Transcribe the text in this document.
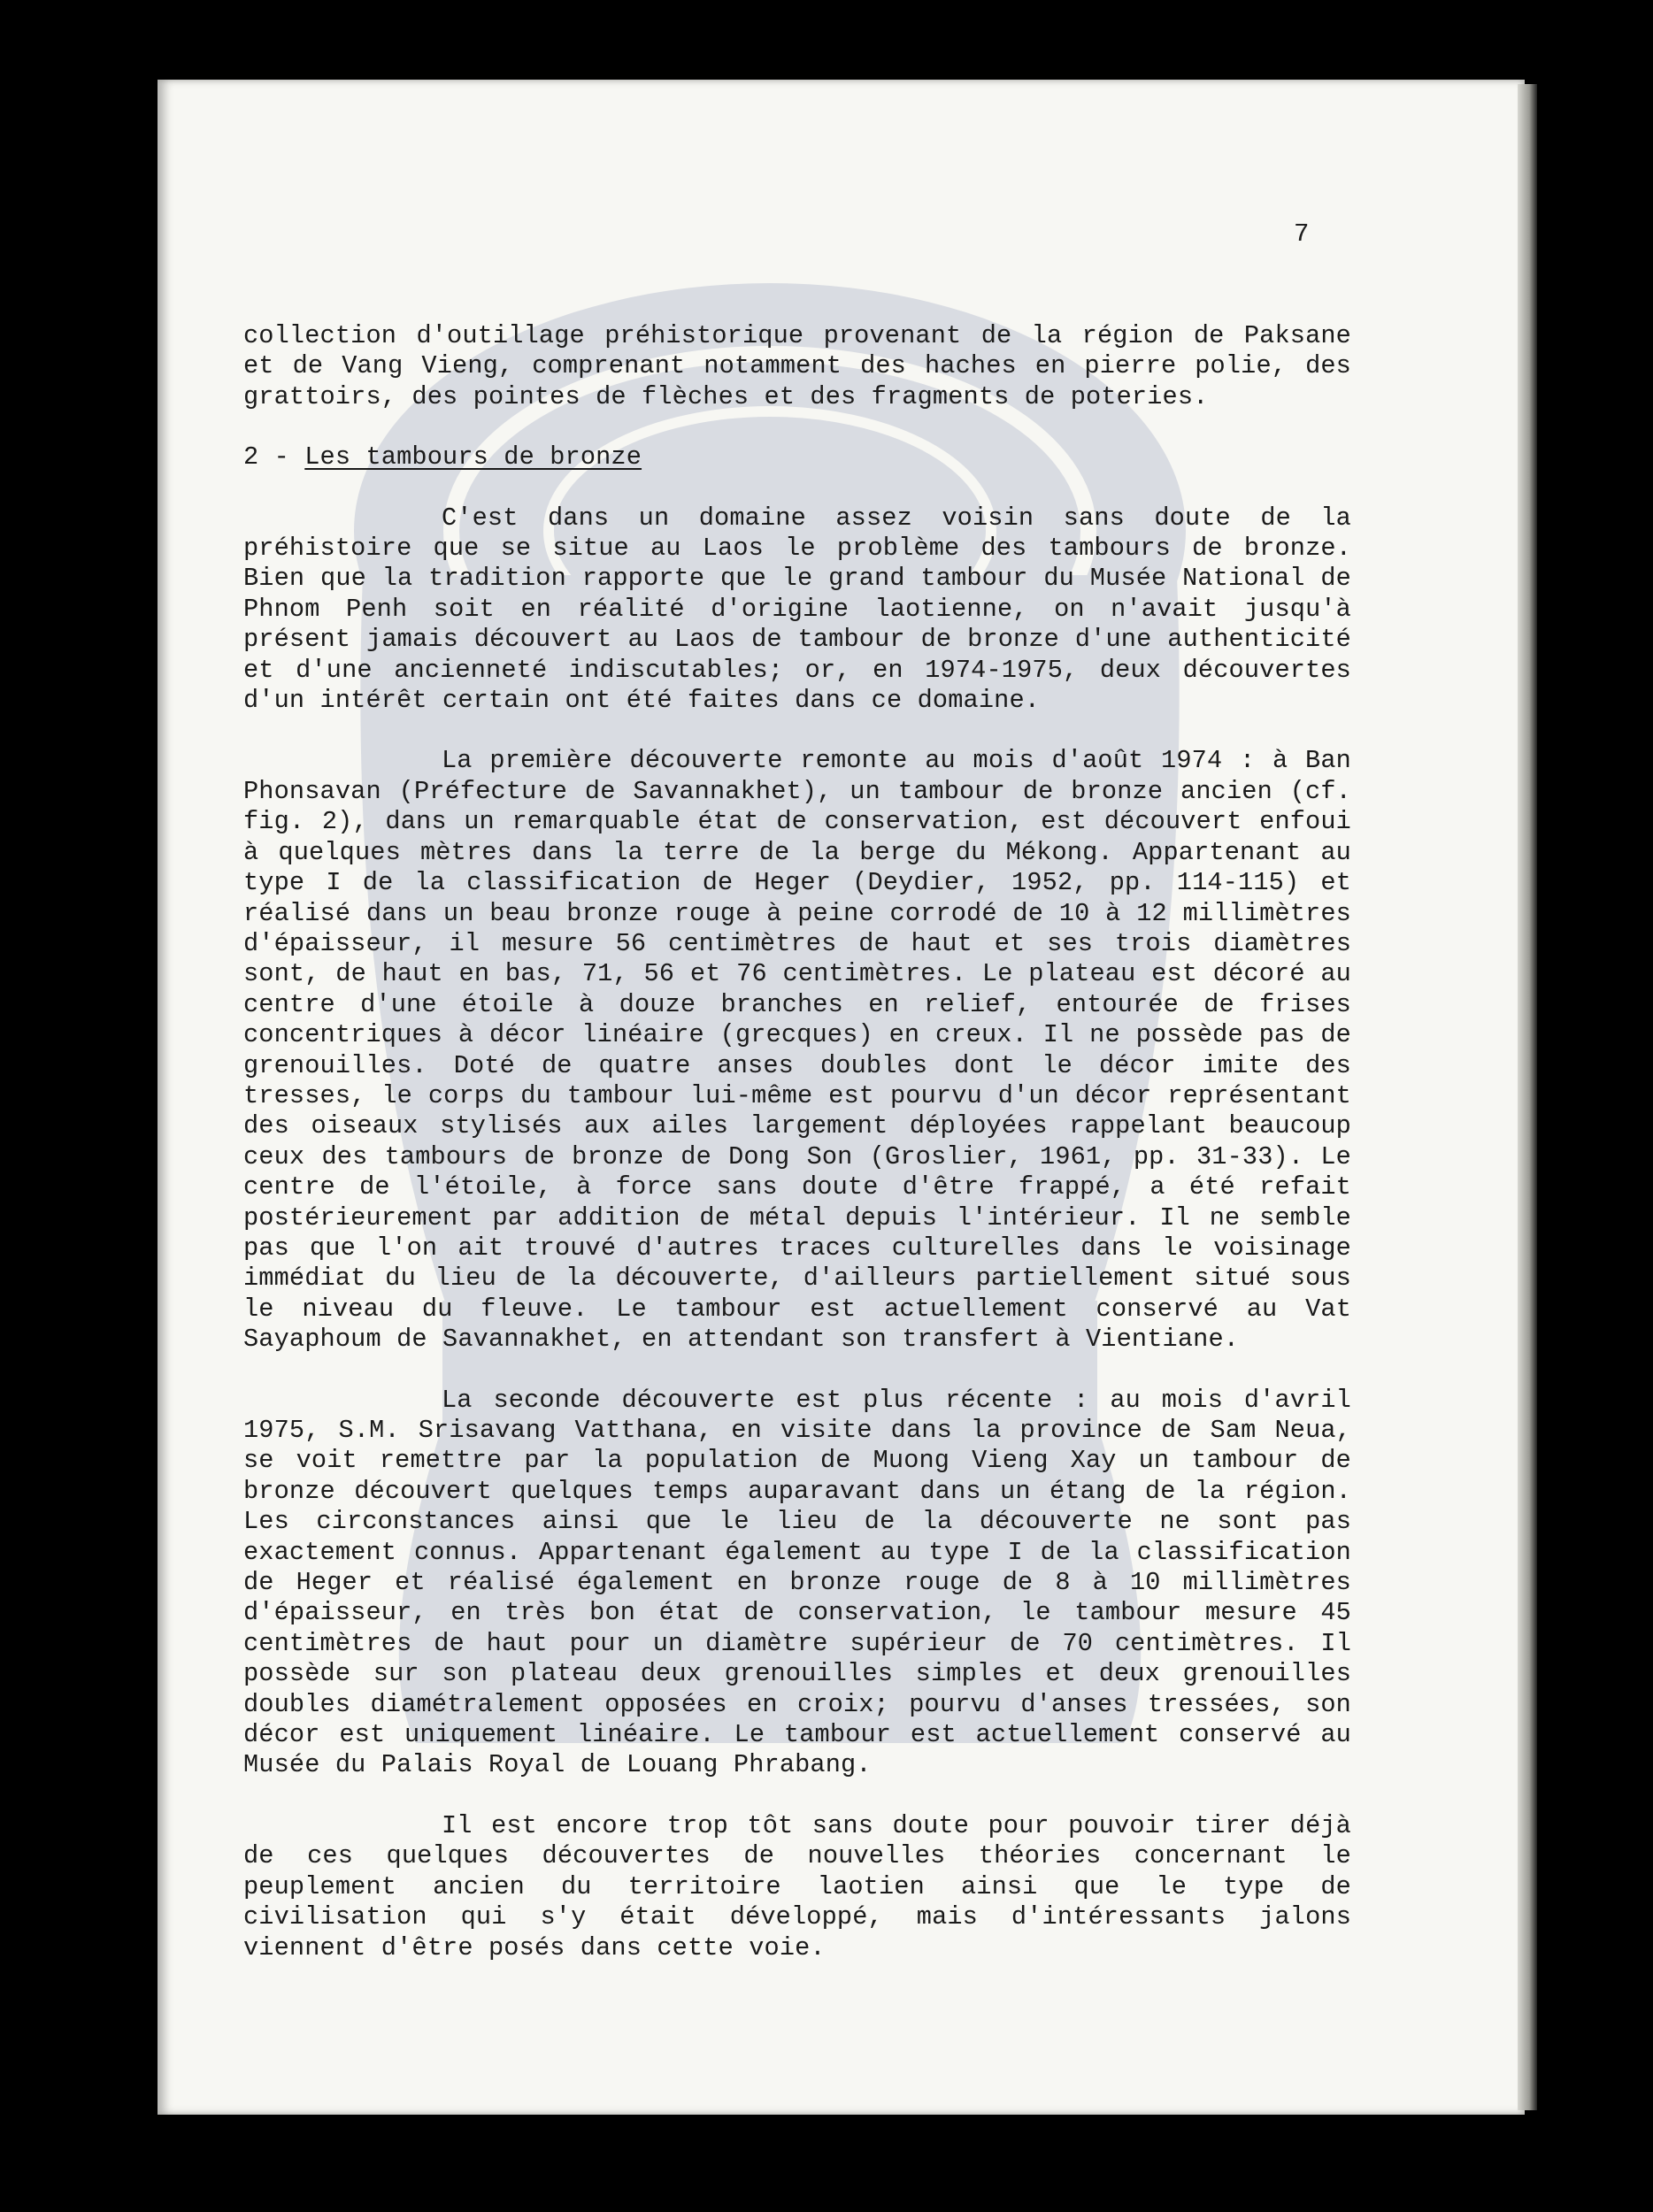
7

collection d'outillage préhistorique provenant de la région de Paksane et de Vang Vieng, comprenant notamment des haches en pierre polie, des grattoirs, des pointes de flèches et des fragments de poteries.

2 - Les tambours de bronze

C'est dans un domaine assez voisin sans doute de la préhistoire que se situe au Laos le problème des tambours de bronze. Bien que la tradition rapporte que le grand tambour du Musée National de Phnom Penh soit en réalité d'origine laotienne, on n'avait jusqu'à présent jamais découvert au Laos de tambour de bronze d'une authenticité et d'une ancienneté indiscutables; or, en 1974-1975, deux découvertes d'un intérêt certain ont été faites dans ce domaine.

La première découverte remonte au mois d'août 1974 : à Ban Phonsavan (Préfecture de Savannakhet), un tambour de bronze ancien (cf. fig. 2), dans un remarquable état de conservation, est découvert enfoui à quelques mètres dans la terre de la berge du Mékong. Appartenant au type I de la classification de Heger (Deydier, 1952, pp. 114-115) et réalisé dans un beau bronze rouge à peine corrodé de 10 à 12 millimètres d'épaisseur, il mesure 56 centimètres de haut et ses trois diamètres sont, de haut en bas, 71, 56 et 76 centimètres. Le plateau est décoré au centre d'une étoile à douze branches en relief, entourée de frises concentriques à décor linéaire (grecques) en creux. Il ne possède pas de grenouilles. Doté de quatre anses doubles dont le décor imite des tresses, le corps du tambour lui-même est pourvu d'un décor représentant des oiseaux stylisés aux ailes largement déployées rappelant beaucoup ceux des tambours de bronze de Dong Son (Groslier, 1961, pp. 31-33). Le centre de l'étoile, à force sans doute d'être frappé, a été refait postérieurement par addition de métal depuis l'intérieur. Il ne semble pas que l'on ait trouvé d'autres traces culturelles dans le voisinage immédiat du lieu de la découverte, d'ailleurs partiellement situé sous le niveau du fleuve. Le tambour est actuellement conservé au Vat Sayaphoum de Savannakhet, en attendant son transfert à Vientiane.

La seconde découverte est plus récente : au mois d'avril 1975, S.M. Srisavang Vatthana, en visite dans la province de Sam Neua, se voit remettre par la population de Muong Vieng Xay un tambour de bronze découvert quelques temps auparavant dans un étang de la région. Les circonstances ainsi que le lieu de la découverte ne sont pas exactement connus. Appartenant également au type I de la classification de Heger et réalisé également en bronze rouge de 8 à 10 millimètres d'épaisseur, en très bon état de conservation, le tambour mesure 45 centimètres de haut pour un diamètre supérieur de 70 centimètres. Il possède sur son plateau deux grenouilles simples et deux grenouilles doubles diamétralement opposées en croix; pourvu d'anses tressées, son décor est uniquement linéaire. Le tambour est actuellement conservé au Musée du Palais Royal de Louang Phrabang.

Il est encore trop tôt sans doute pour pouvoir tirer déjà de ces quelques découvertes de nouvelles théories concernant le peuplement ancien du territoire laotien ainsi que le type de civilisation qui s'y était développé, mais d'intéressants jalons viennent d'être posés dans cette voie.
